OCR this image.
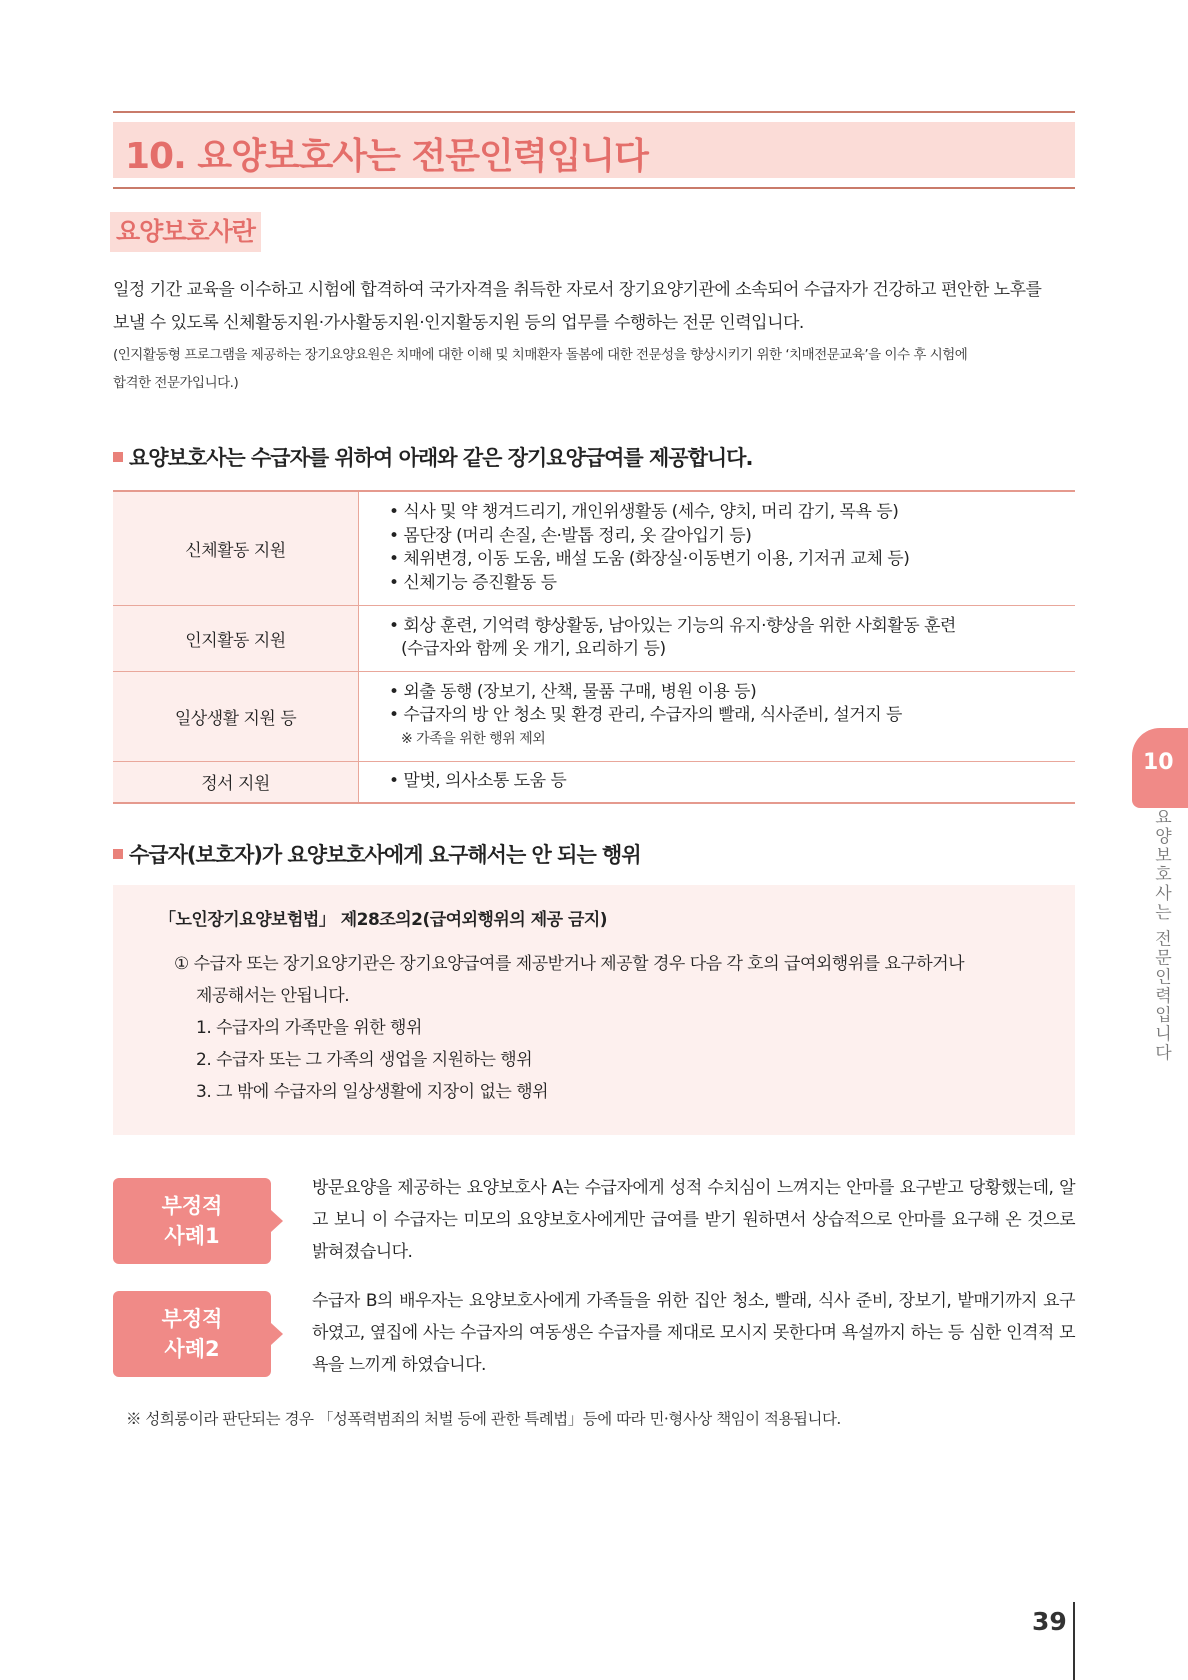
10. 요양보호사는 전문인력입니다
요양보호사란
일정 기간 교육을 이수하고 시험에 합격하여 국가자격을 취득한 자로서 장기요양기관에 소속되어 수급자가 건강하고 편안한 노후를
보낼 수 있도록 신체활동지원·가사활동지원·인지활동지원 등의 업무를 수행하는 전문 인력입니다.
(인지활동형 프로그램을 제공하는 장기요양요원은 치매에 대한 이해 및 치매환자 돌봄에 대한 전문성을 향상시키기 위한 ‘치매전문교육’을 이수 후 시험에
합격한 전문가입니다.)
요양보호사는 수급자를 위하여 아래와 같은 장기요양급여를 제공합니다.
신체활동 지원	• 식사 및 약 챙겨드리기, 개인위생활동 (세수, 양치, 머리 감기, 목욕 등)
• 몸단장 (머리 손질, 손·발톱 정리, 옷 갈아입기 등)
• 체위변경, 이동 도움, 배설 도움 (화장실·이동변기 이용, 기저귀 교체 등)
• 신체기능 증진활동 등

인지활동 지원	• 회상 훈련, 기억력 향상활동, 남아있는 기능의 유지·향상을 위한 사회활동 훈련
(수급자와 함께 옷 개기, 요리하기 등)

일상생활 지원 등	• 외출 동행 (장보기, 산책, 물품 구매, 병원 이용 등)
• 수급자의 방 안 청소 및 환경 관리, 수급자의 빨래, 식사준비, 설거지 등
※ 가족을 위한 행위 제외

정서 지원	• 말벗, 의사소통 도움 등
수급자(보호자)가 요양보호사에게 요구해서는 안 되는 행위
「노인장기요양보험법」 제28조의2(급여외행위의 제공 금지)
① 수급자 또는 장기요양기관은 장기요양급여를 제공받거나 제공할 경우 다음 각 호의 급여외행위를 요구하거나
제공해서는 안됩니다.
1. 수급자의 가족만을 위한 행위
2. 수급자 또는 그 가족의 생업을 지원하는 행위
3. 그 밖에 수급자의 일상생활에 지장이 없는 행위
부정적
사례1
방문요양을 제공하는 요양보호사 A는 수급자에게 성적 수치심이 느껴지는 안마를 요구받고 당황했는데, 알고 보니 이 수급자는 미모의 요양보호사에게만 급여를 받기 원하면서 상습적으로 안마를 요구해 온 것으로 밝혀졌습니다.
부정적
사례2
수급자 B의 배우자는 요양보호사에게 가족들을 위한 집안 청소, 빨래, 식사 준비, 장보기, 밭매기까지 요구하였고, 옆집에 사는 수급자의 여동생은 수급자를 제대로 모시지 못한다며 욕설까지 하는 등 심한 인격적 모욕을 느끼게 하였습니다.
※ 성희롱이라 판단되는 경우 「성폭력범죄의 처벌 등에 관한 특례법」등에 따라 민·형사상 책임이 적용됩니다.
10
요양보호사는 전문인력입니다
39
